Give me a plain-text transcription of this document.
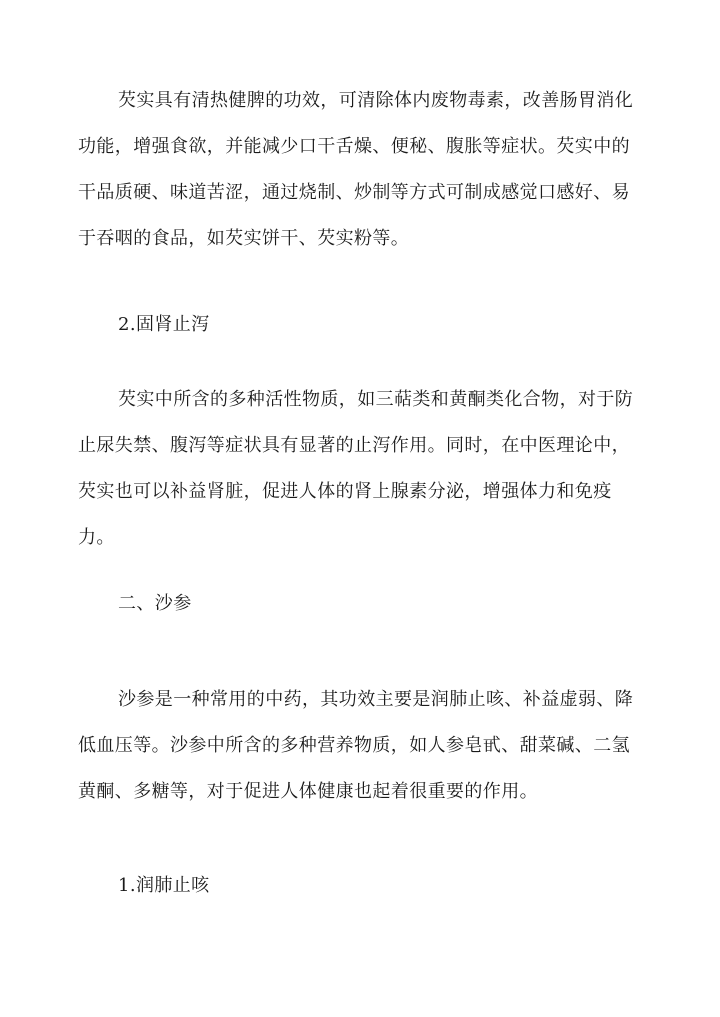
芡实具有清热健脾的功效，可清除体内废物毒素，改善肠胃消化功能，增强食欲，并能减少口干舌燥、便秘、腹胀等症状。芡实中的干品质硬、味道苦涩，通过烧制、炒制等方式可制成感觉口感好、易于吞咽的食品，如芡实饼干、芡实粉等。

2.固肾止泻

芡实中所含的多种活性物质，如三萜类和黄酮类化合物，对于防止尿失禁、腹泻等症状具有显著的止泻作用。同时，在中医理论中，芡实也可以补益肾脏，促进人体的肾上腺素分泌，增强体力和免疫力。

二、沙参

沙参是一种常用的中药，其功效主要是润肺止咳、补益虚弱、降低血压等。沙参中所含的多种营养物质，如人参皂甙、甜菜碱、二氢黄酮、多糖等，对于促进人体健康也起着很重要的作用。

1.润肺止咳
